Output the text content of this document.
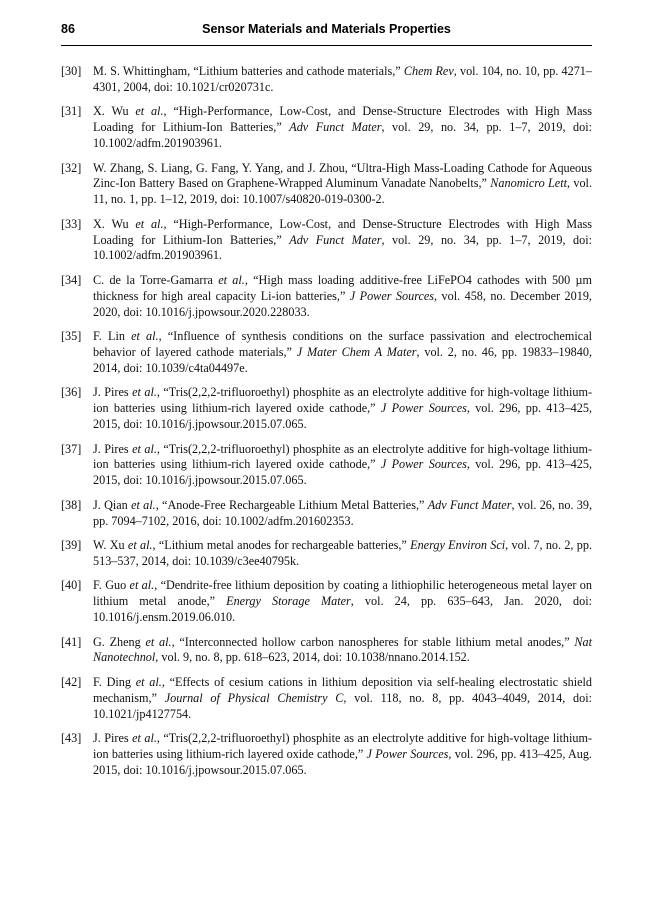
86	Sensor Materials and Materials Properties
[30] M. S. Whittingham, “Lithium batteries and cathode materials,” Chem Rev, vol. 104, no. 10, pp. 4271–4301, 2004, doi: 10.1021/cr020731c.
[31] X. Wu et al., “High-Performance, Low-Cost, and Dense-Structure Electrodes with High Mass Loading for Lithium-Ion Batteries,” Adv Funct Mater, vol. 29, no. 34, pp. 1–7, 2019, doi: 10.1002/adfm.201903961.
[32] W. Zhang, S. Liang, G. Fang, Y. Yang, and J. Zhou, “Ultra-High Mass-Loading Cathode for Aqueous Zinc-Ion Battery Based on Graphene-Wrapped Aluminum Vanadate Nanobelts,” Nanomicro Lett, vol. 11, no. 1, pp. 1–12, 2019, doi: 10.1007/s40820-019-0300-2.
[33] X. Wu et al., “High-Performance, Low-Cost, and Dense-Structure Electrodes with High Mass Loading for Lithium-Ion Batteries,” Adv Funct Mater, vol. 29, no. 34, pp. 1–7, 2019, doi: 10.1002/adfm.201903961.
[34] C. de la Torre-Gamarra et al., “High mass loading additive-free LiFePO4 cathodes with 500 µm thickness for high areal capacity Li-ion batteries,” J Power Sources, vol. 458, no. December 2019, 2020, doi: 10.1016/j.jpowsour.2020.228033.
[35] F. Lin et al., “Influence of synthesis conditions on the surface passivation and electrochemical behavior of layered cathode materials,” J Mater Chem A Mater, vol. 2, no. 46, pp. 19833–19840, 2014, doi: 10.1039/c4ta04497e.
[36] J. Pires et al., “Tris(2,2,2-trifluoroethyl) phosphite as an electrolyte additive for high-voltage lithium-ion batteries using lithium-rich layered oxide cathode,” J Power Sources, vol. 296, pp. 413–425, 2015, doi: 10.1016/j.jpowsour.2015.07.065.
[37] J. Pires et al., “Tris(2,2,2-trifluoroethyl) phosphite as an electrolyte additive for high-voltage lithium-ion batteries using lithium-rich layered oxide cathode,” J Power Sources, vol. 296, pp. 413–425, 2015, doi: 10.1016/j.jpowsour.2015.07.065.
[38] J. Qian et al., “Anode-Free Rechargeable Lithium Metal Batteries,” Adv Funct Mater, vol. 26, no. 39, pp. 7094–7102, 2016, doi: 10.1002/adfm.201602353.
[39] W. Xu et al., “Lithium metal anodes for rechargeable batteries,” Energy Environ Sci, vol. 7, no. 2, pp. 513–537, 2014, doi: 10.1039/c3ee40795k.
[40] F. Guo et al., “Dendrite-free lithium deposition by coating a lithiophilic heterogeneous metal layer on lithium metal anode,” Energy Storage Mater, vol. 24, pp. 635–643, Jan. 2020, doi: 10.1016/j.ensm.2019.06.010.
[41] G. Zheng et al., “Interconnected hollow carbon nanospheres for stable lithium metal anodes,” Nat Nanotechnol, vol. 9, no. 8, pp. 618–623, 2014, doi: 10.1038/nnano.2014.152.
[42] F. Ding et al., “Effects of cesium cations in lithium deposition via self-healing electrostatic shield mechanism,” Journal of Physical Chemistry C, vol. 118, no. 8, pp. 4043–4049, 2014, doi: 10.1021/jp4127754.
[43] J. Pires et al., “Tris(2,2,2-trifluoroethyl) phosphite as an electrolyte additive for high-voltage lithium-ion batteries using lithium-rich layered oxide cathode,” J Power Sources, vol. 296, pp. 413–425, Aug. 2015, doi: 10.1016/j.jpowsour.2015.07.065.
